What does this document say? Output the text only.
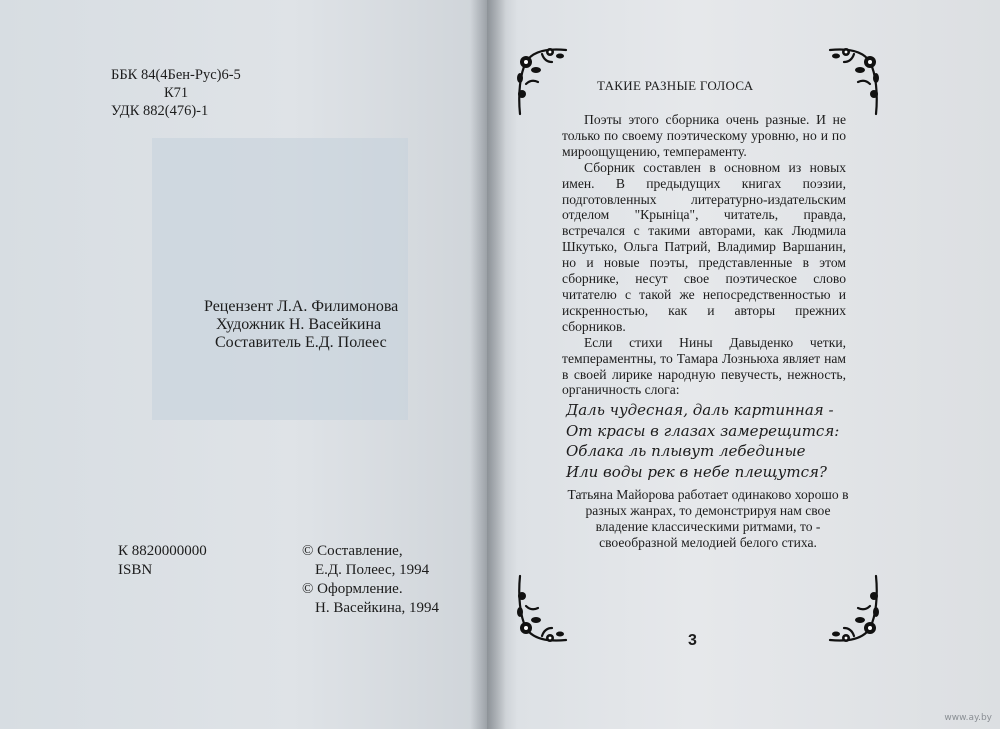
ББК 84(4Бен-Рус)6-5
К71
УДК 882(476)-1
Рецензент Л.А. Филимонова
Художник Н. Васейкина
Составитель Е.Д. Полеес
К 8820000000
ISBN
© Составление,
Е.Д. Полеес, 1994
© Оформление.
Н. Васейкина, 1994
ТАКИЕ РАЗНЫЕ ГОЛОСА

Поэты этого сборника очень разные. И не только по своему поэтическому уровню, но и по мироощущению, темпераменту.

Сборник составлен в основном из новых имен. В предыдущих книгах поэзии, подготовленных литературно-издательским отделом "Крыніца", читатель, правда, встречался с такими авторами, как Людмила Шкутько, Ольга Патрий, Владимир Варшанин, но и новые поэты, представленные в этом сборнике, несут свое поэтическое слово читателю с такой же непосредственностью и искренностью, как и авторы прежних сборников.

Если стихи Нины Давыденко четки, темпераментны, то Тамара Лозньюха являет нам в своей лирике народную певучесть, нежность, органичность слога:

Даль чудесная, даль картинная -
От красы в глазах замерещится:
Облака ль плывут лебединые
Или воды рек в небе плещутся?
Татьяна Майорова работает одинаково хорошо в разных жанрах, то демонстрируя нам свое владение классическими ритмами, то - своеобразной мелодией белого стиха.
3
www.ay.by
